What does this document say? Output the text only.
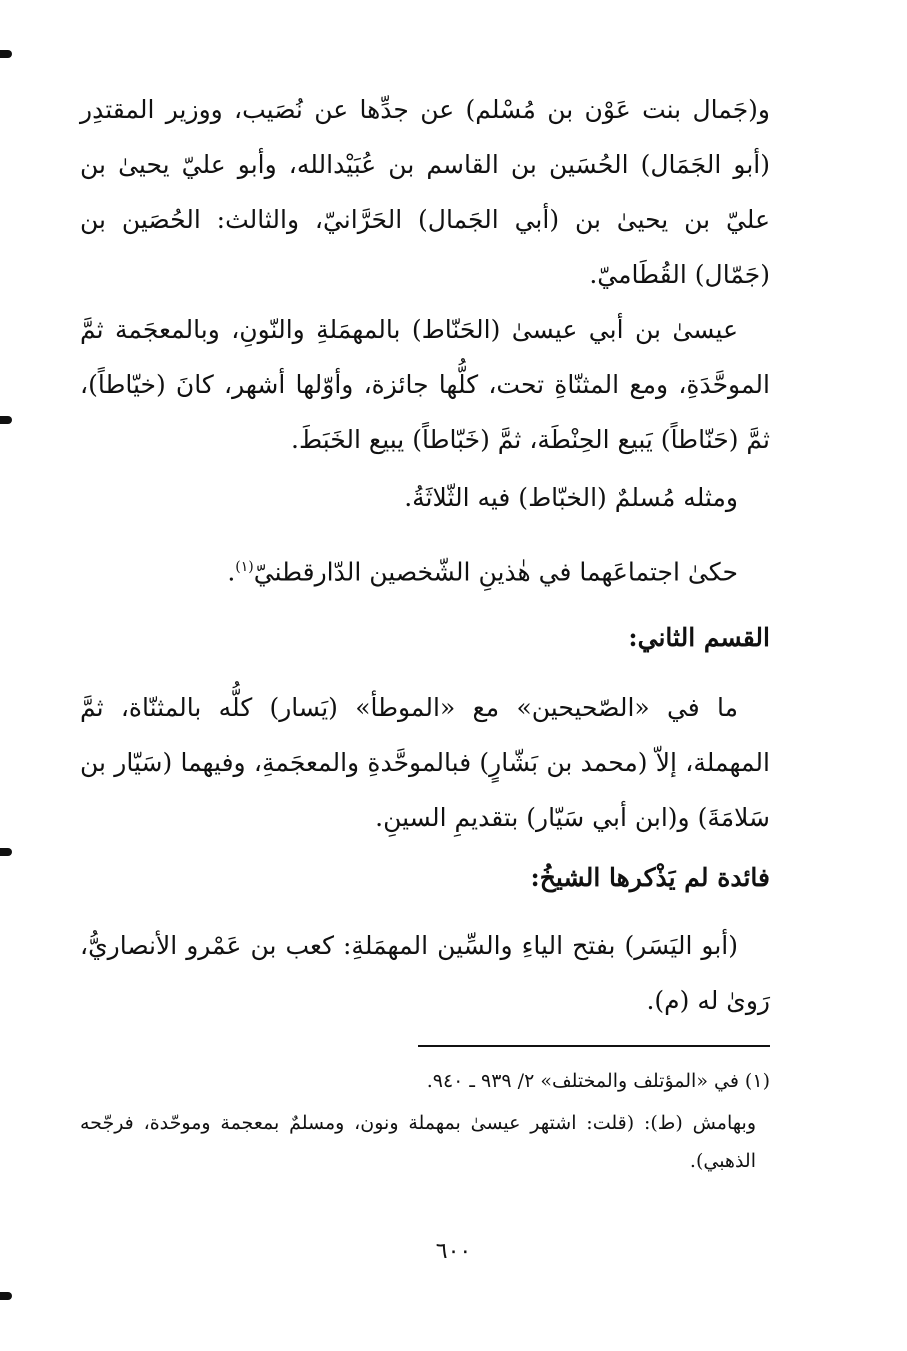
و(جَمال بنت عَوْن بن مُسْلم) عن جدِّها عن نُصَيب، ووزير المقتدِر (أبو الجَمَال) الحُسَين بن القاسم بن عُبَيْدالله، وأبو عليّ يحيىٰ بن عليّ بن يحيىٰ بن (أبي الجَمال) الحَرَّانيّ، والثالث: الحُصَين بن (جَمّال) القُطَاميّ.

عيسىٰ بن أبي عيسىٰ (الحَنّاط) بالمهمَلةِ والنّونِ، وبالمعجَمة ثمَّ الموحَّدَةِ، ومع المثنّاةِ تحت، كلُّها جائزة، وأوّلها أشهر، كانَ (خيّاطاً)، ثمَّ (حَنّاطاً) يَبيع الحِنْطَة، ثمَّ (خَبّاطاً) يبيع الخَبَطَ.

ومثله مُسلمٌ (الخبّاط) فيه الثّلاثَةُ.

حكىٰ اجتماعَهما في هٰذينِ الشّخصين الدّارقطنيّ$^{(١)}$.

القسم الثاني:

ما في «الصّحيحين» مع «الموطأ» (يَسار) كلُّه بالمثنّاة، ثمَّ المهملة، إلاّ (محمد بن بَشّارٍ) فبالموحَّدةِ والمعجَمةِ، وفيهما (سَيّار بن سَلامَةَ) و(ابن أبي سَيّار) بتقديمِ السينِ.

فائدة لم يَذْكرها الشيخُ:

(أبو اليَسَر) بفتح الياءِ والسِّين المهمَلةِ: كعب بن عَمْرو الأنصاريُّ، رَوىٰ له (م).

(١) في «المؤتلف والمختلف» ٢/ ٩٣٩ ـ ٩٤٠.

وبهامش (ط): (قلت: اشتهر عيسىٰ بمهملة ونون، ومسلمٌ بمعجمة وموحّدة، فرجّحه الذهبي).

٦٠٠
